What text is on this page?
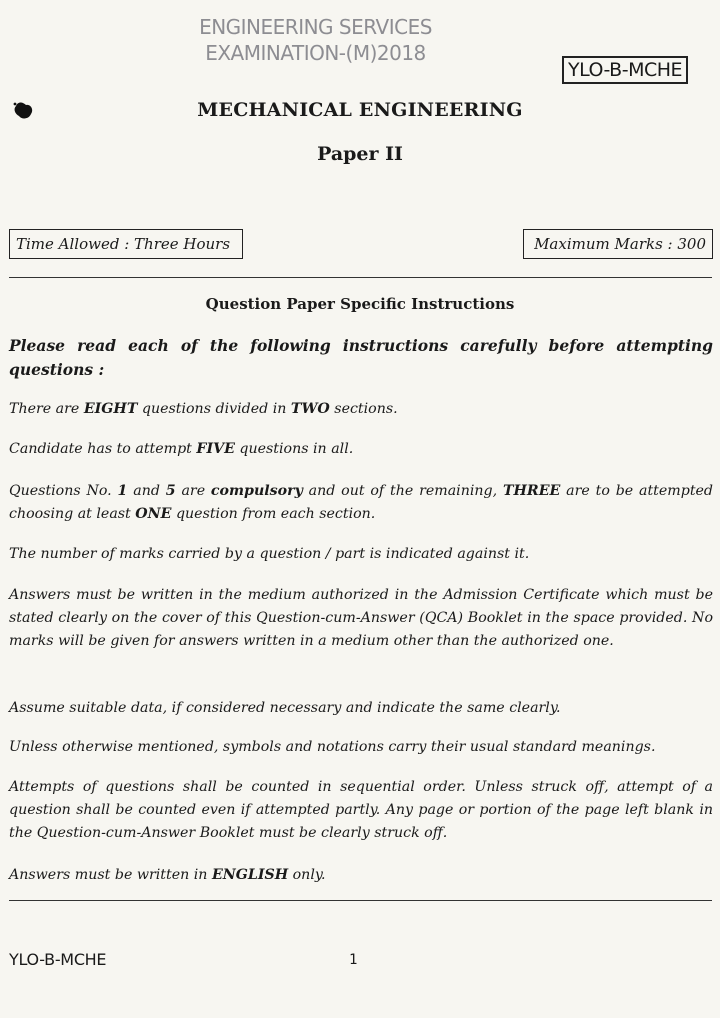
ENGINEERING SERVICES
EXAMINATION-(M)2018
YLO-B-MCHE
MECHANICAL ENGINEERING
Paper II
Time Allowed : Three Hours	Maximum Marks : 300
Question Paper Specific Instructions

Please read each of the following instructions carefully before attempting questions :

There are EIGHT questions divided in TWO sections.

Candidate has to attempt FIVE questions in all.

Questions No. 1 and 5 are compulsory and out of the remaining, THREE are to be attempted choosing at least ONE question from each section.

The number of marks carried by a question / part is indicated against it.

Answers must be written in the medium authorized in the Admission Certificate which must be stated clearly on the cover of this Question-cum-Answer (QCA) Booklet in the space provided. No marks will be given for answers written in a medium other than the authorized one.

Assume suitable data, if considered necessary and indicate the same clearly.

Unless otherwise mentioned, symbols and notations carry their usual standard meanings.

Attempts of questions shall be counted in sequential order. Unless struck off, attempt of a question shall be counted even if attempted partly. Any page or portion of the page left blank in the Question-cum-Answer Booklet must be clearly struck off.

Answers must be written in ENGLISH only.

YLO-B-MCHE	1
